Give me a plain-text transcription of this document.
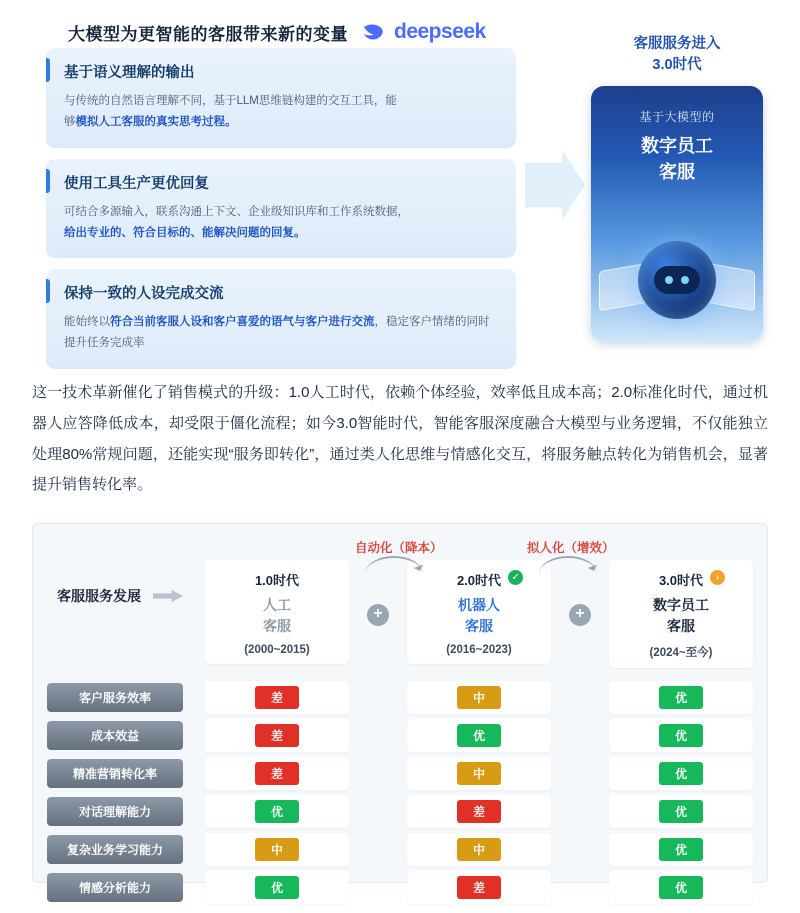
大模型为更智能的客服带来新的变量 deepseek
基于语义理解的输出
与传统的自然语言理解不同，基于LLM思维链构建的交互工具，能
够模拟人工客服的真实思考过程。
使用工具生产更优回复
可结合多源输入，联系沟通上下文、企业级知识库和工作系统数据，
给出专业的、符合目标的、能解决问题的回复。
保持一致的人设完成交流
能始终以符合当前客服人设和客户喜爱的语气与客户进行交流，稳定客户情绪的同时提升任务完成率
客服服务进入
3.0时代
基于大模型的
数字员工
客服
这一技术革新催化了销售模式的升级：1.0人工时代，依赖个体经验，效率低且成本高；2.0标准化时代，通过机器人应答降低成本，却受限于僵化流程；如今3.0智能时代，智能客服深度融合大模型与业务逻辑，不仅能独立处理80%常规问题，还能实现“服务即转化”，通过类人化思维与情感化交互，将服务触点转化为销售机会，显著提升销售转化率。
自动化（降本）	拟人化（增效）
客服服务发展
1.0时代
人工
客服
(2000~2015)
+
2.0时代	✓
机器人
客服
(2016~2023)
+
3.0时代	›
数字员工
客服
(2024~至今)
客户服务效率	差	中	优
成本效益	差	优	优
精准营销转化率	差	中	优
对话理解能力	优	差	优
复杂业务学习能力	中	中	优
情感分析能力	优	差	优
